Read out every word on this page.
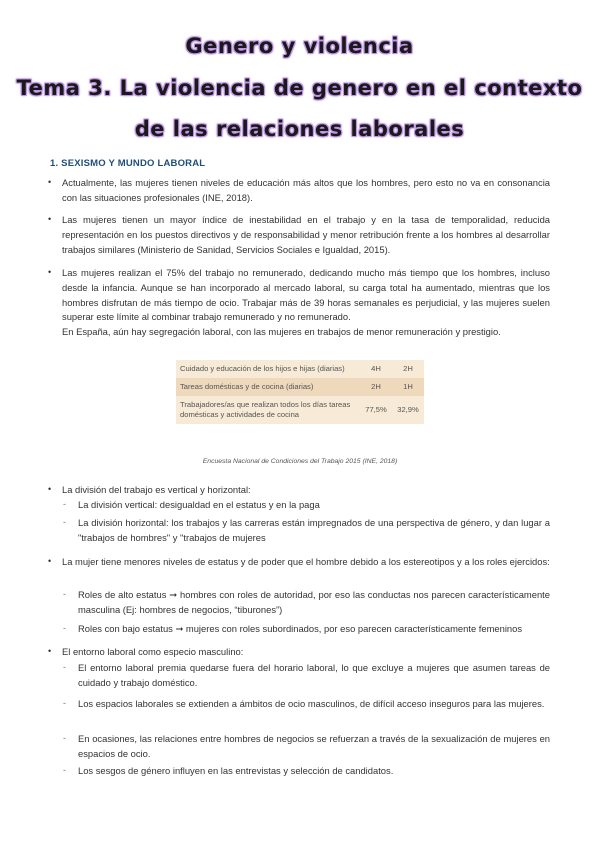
Genero y violencia
Tema 3. La violencia de genero en el contexto
de las relaciones laborales
1. SEXISMO Y MUNDO LABORAL
• Actualmente, las mujeres tienen niveles de educación más altos que los hombres, pero esto no va en consonancia con las situaciones profesionales (INE, 2018).
• Las mujeres tienen un mayor índice de inestabilidad en el trabajo y en la tasa de temporalidad, reducida representación en los puestos directivos y de responsabilidad y menor retribución frente a los hombres al desarrollar trabajos similares (Ministerio de Sanidad, Servicios Sociales e Igualdad, 2015).
• Las mujeres realizan el 75% del trabajo no remunerado, dedicando mucho más tiempo que los hombres, incluso desde la infancia. Aunque se han incorporado al mercado laboral, su carga total ha aumentado, mientras que los hombres disfrutan de más tiempo de ocio. Trabajar más de 39 horas semanales es perjudicial, y las mujeres suelen superar este límite al combinar trabajo remunerado y no remunerado.
En España, aún hay segregación laboral, con las mujeres en trabajos de menor remuneración y prestigio.
Cuidado y educación de los hijos e hijas (diarias)	4H	2H
Tareas domésticas y de cocina (diarias)	2H	1H
Trabajadores/as que realizan todos los días tareas domésticas y actividades de cocina	77,5%	32,9%
Encuesta Nacional de Condiciones del Trabajo 2015 (INE, 2018)
• La división del trabajo es vertical y horizontal:
- La división vertical: desigualdad en el estatus y en la paga
- La división horizontal: los trabajos y las carreras están impregnados de una perspectiva de género, y dan lugar a "trabajos de hombres" y "trabajos de mujeres
• La mujer tiene menores niveles de estatus y de poder que el hombre debido a los estereotipos y a los roles ejercidos:
- Roles de alto estatus ➞ hombres con roles de autoridad, por eso las conductas nos parecen característicamente masculina (Ej: hombres de negocios, “tiburones”)
- Roles con bajo estatus ➞ mujeres con roles subordinados, por eso parecen característicamente femeninos
• El entorno laboral como especio masculino:
- El entorno laboral premia quedarse fuera del horario laboral, lo que excluye a mujeres que asumen tareas de cuidado y trabajo doméstico.
- Los espacios laborales se extienden a ámbitos de ocio masculinos, de difícil acceso inseguros para las mujeres.
- En ocasiones, las relaciones entre hombres de negocios se refuerzan a través de la sexualización de mujeres en espacios de ocio.
- Los sesgos de género influyen en las entrevistas y selección de candidatos.
